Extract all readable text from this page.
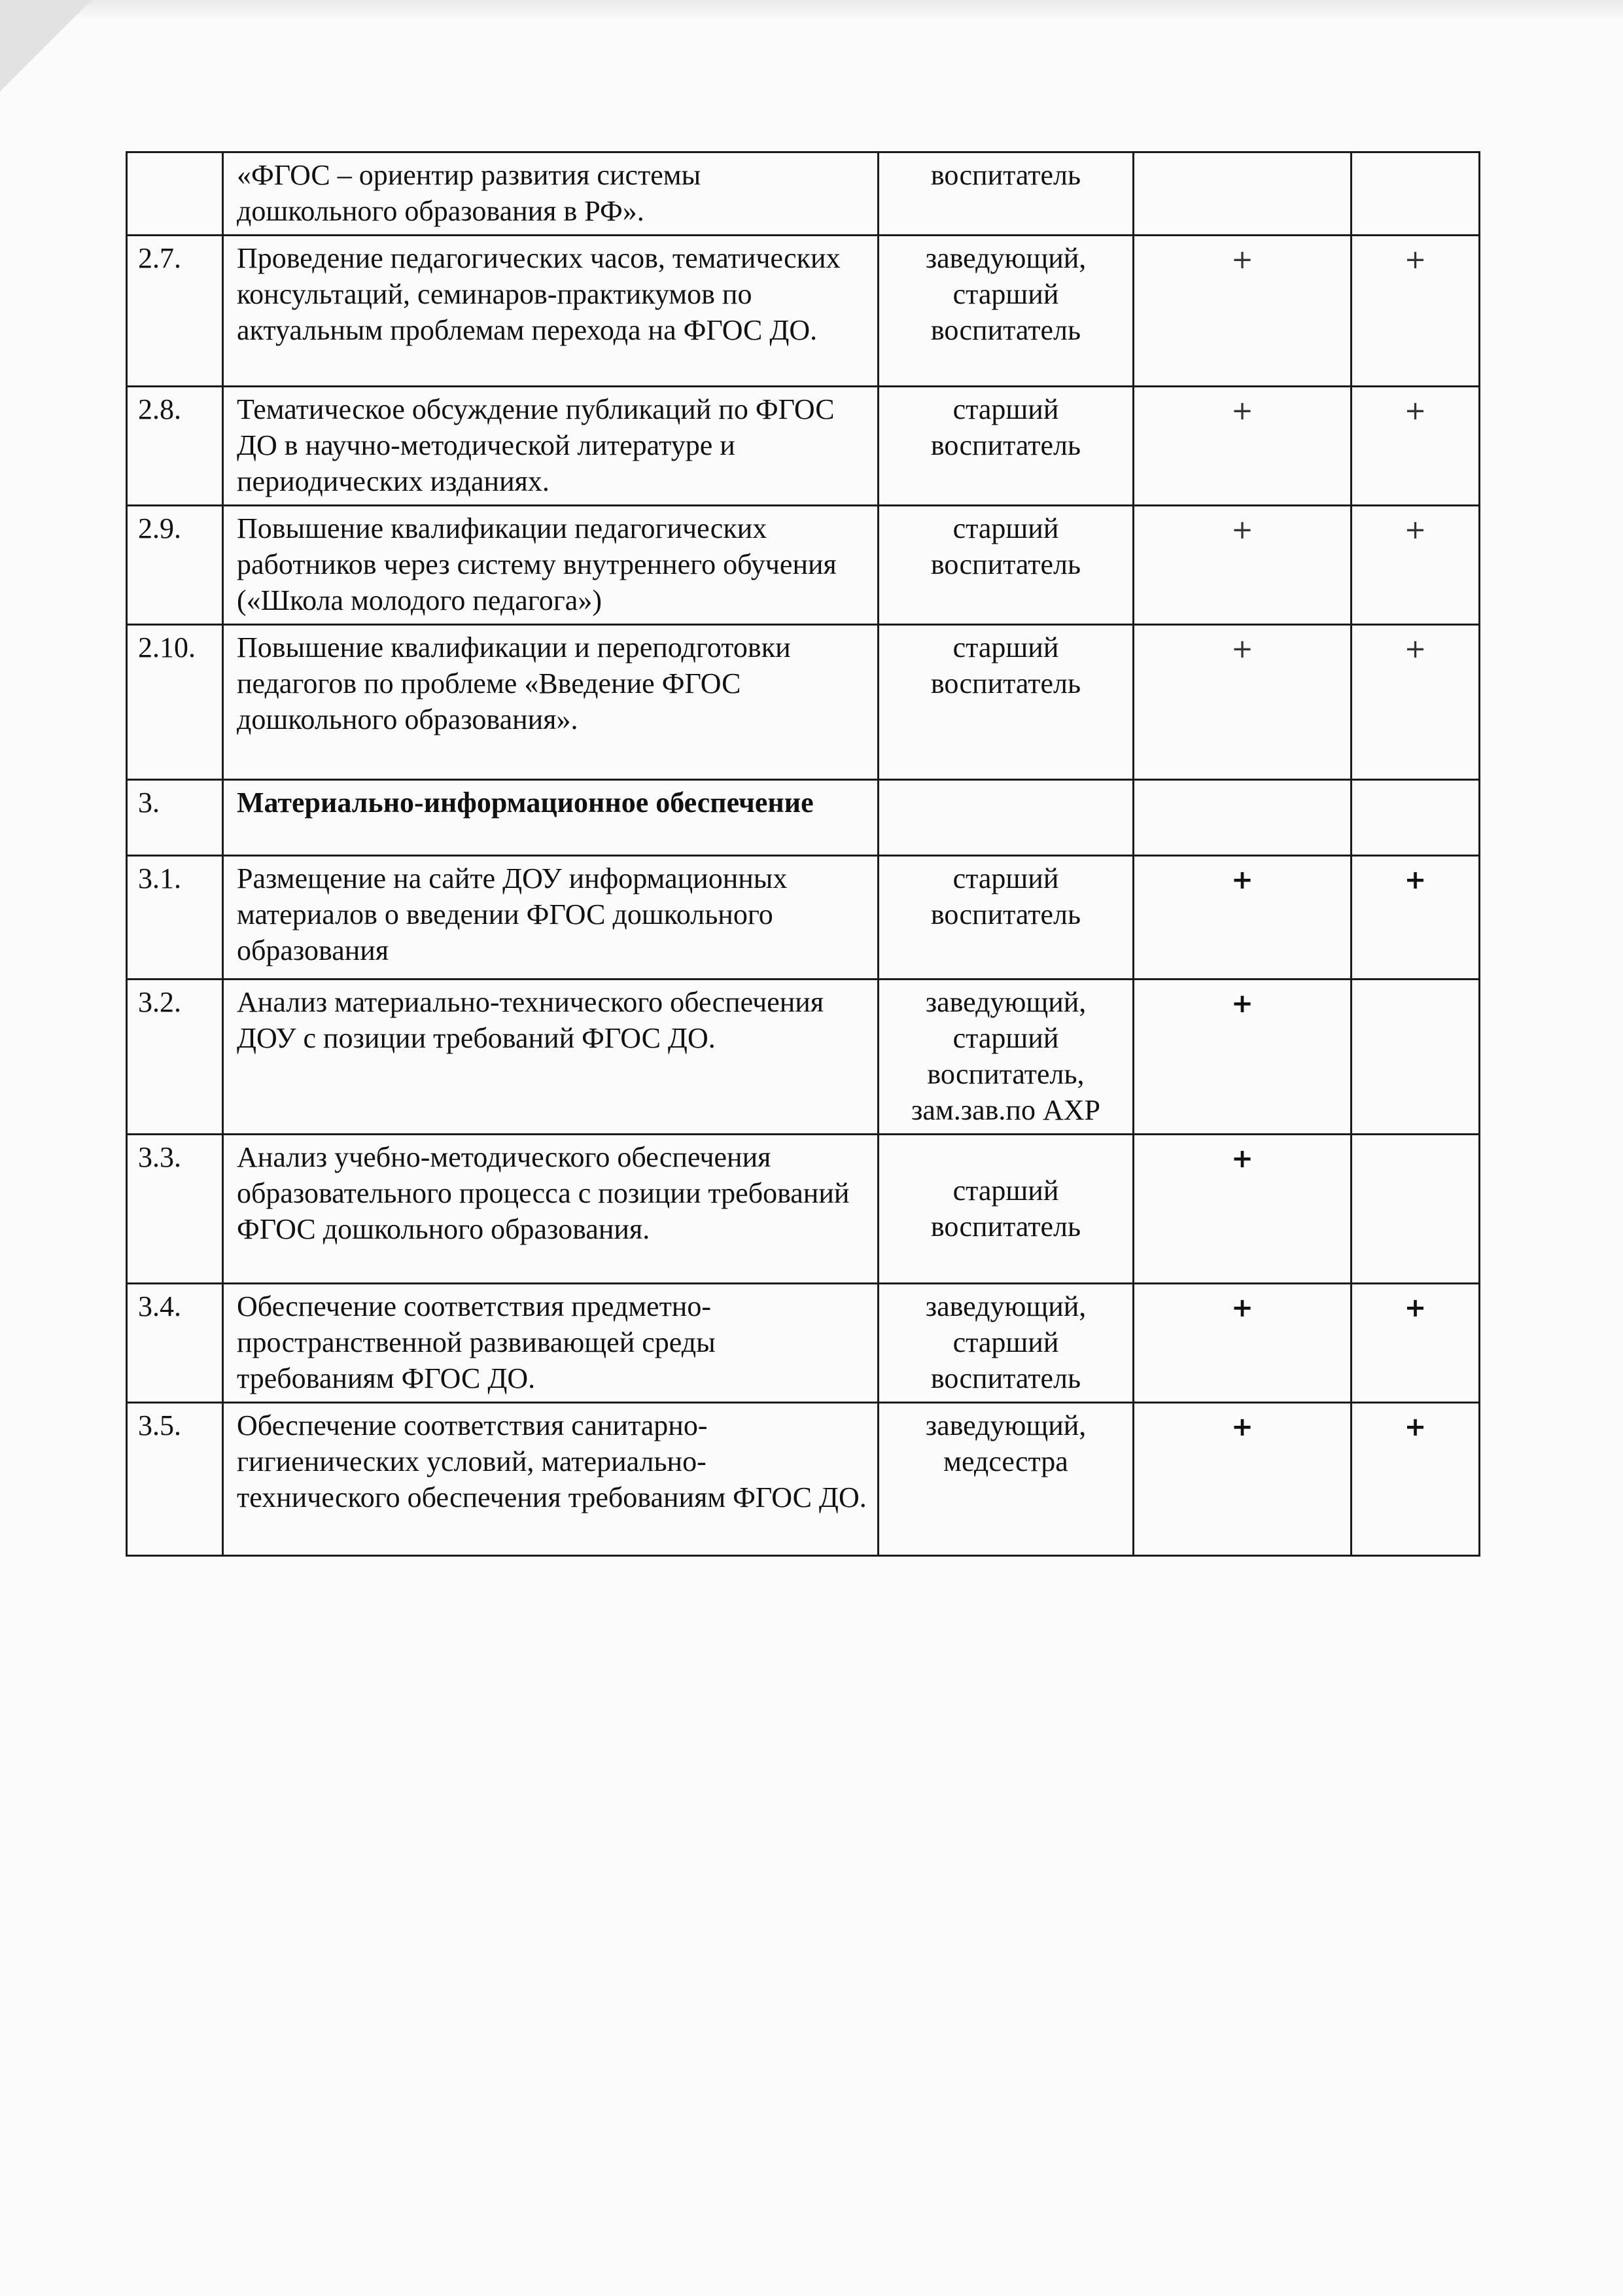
	«ФГОС – ориентир развития системы дошкольного образования в РФ».	воспитатель		
2.7.	Проведение педагогических часов, тематических консультаций, семинаров-практикумов по актуальным проблемам перехода на ФГОС ДО.	заведующий, старший воспитатель	+	+
2.8.	Тематическое обсуждение публикаций по ФГОС ДО в научно-методической литературе и периодических изданиях.	старший воспитатель	+	+
2.9.	Повышение квалификации педагогических работников через систему внутреннего обучения («Школа молодого педагога»)	старший воспитатель	+	+
2.10.	Повышение квалификации и переподготовки педагогов по проблеме «Введение ФГОС дошкольного образования».	старший воспитатель	+	+
3.	Материально-информационное обеспечение			
3.1.	Размещение на сайте ДОУ информационных материалов о введении ФГОС дошкольного образования	старший воспитатель	+	+
3.2.	Анализ материально-технического обеспечения ДОУ с позиции требований ФГОС ДО.	заведующий, старший воспитатель, зам.зав.по АХР	+	
3.3.	Анализ учебно-методического обеспечения образовательного процесса с позиции требований ФГОС дошкольного образования.	старший воспитатель	+	
3.4.	Обеспечение соответствия предметно-пространственной развивающей среды требованиям ФГОС ДО.	заведующий, старший воспитатель	+	+
3.5.	Обеспечение соответствия санитарно-гигиенических условий, материально-технического обеспечения требованиям ФГОС ДО.	заведующий, медсестра	+	+
